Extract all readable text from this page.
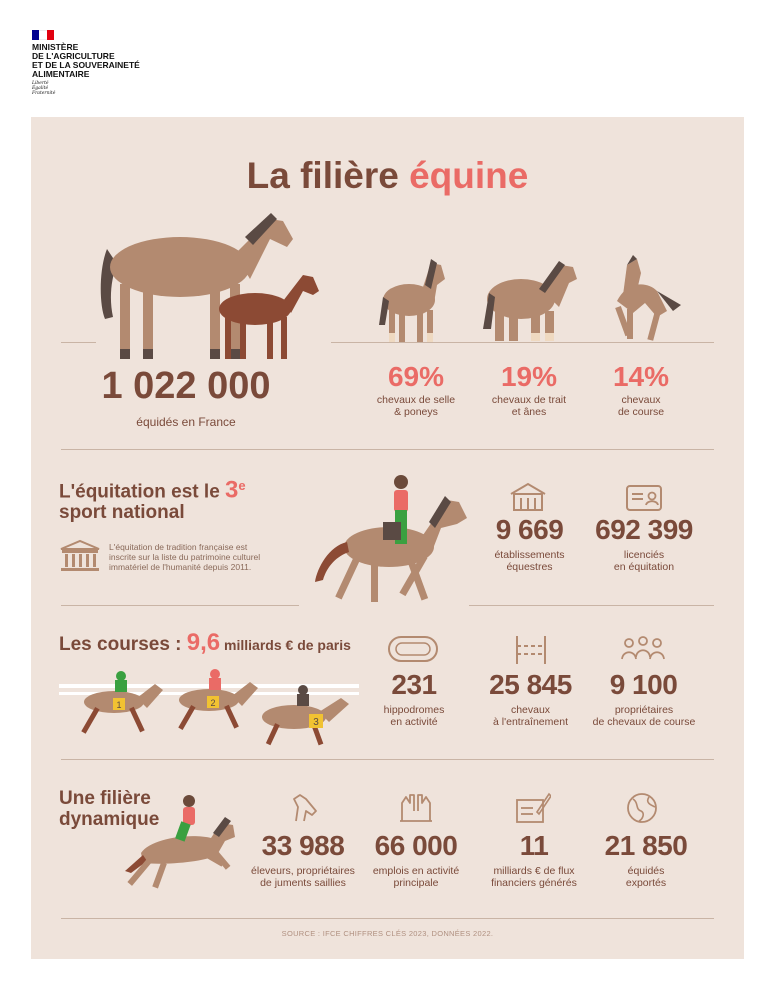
MINISTÈRE
DE L'AGRICULTURE
ET DE LA SOUVERAINETÉ
ALIMENTAIRE
Liberté
Égalité
Fraternité
La filière équine
1 022 000
équidés en France
69%
chevaux de selle
& poneys
19%
chevaux de trait
et ânes
14%
chevaux
de course
L'équitation est le 3e
sport national
L'équitation de tradition française est
inscrite sur la liste du patrimoine culturel
immatériel de l'humanité depuis 2011.
9 669
établissements
équestres
692 399
licenciés
en équitation
Les courses : 9,6 milliards € de paris
1	2
3
231
hippodromes
en activité
25 845
chevaux
à l'entraînement
9 100
propriétaires
de chevaux de course
Une filière
dynamique
33 988
éleveurs, propriétaires
de juments saillies
66 000
emplois en activité
principale
11
milliards € de flux
financiers générés
21 850
équidés
exportés
SOURCE : IFCE CHIFFRES CLÉS 2023, DONNÉES 2022.
